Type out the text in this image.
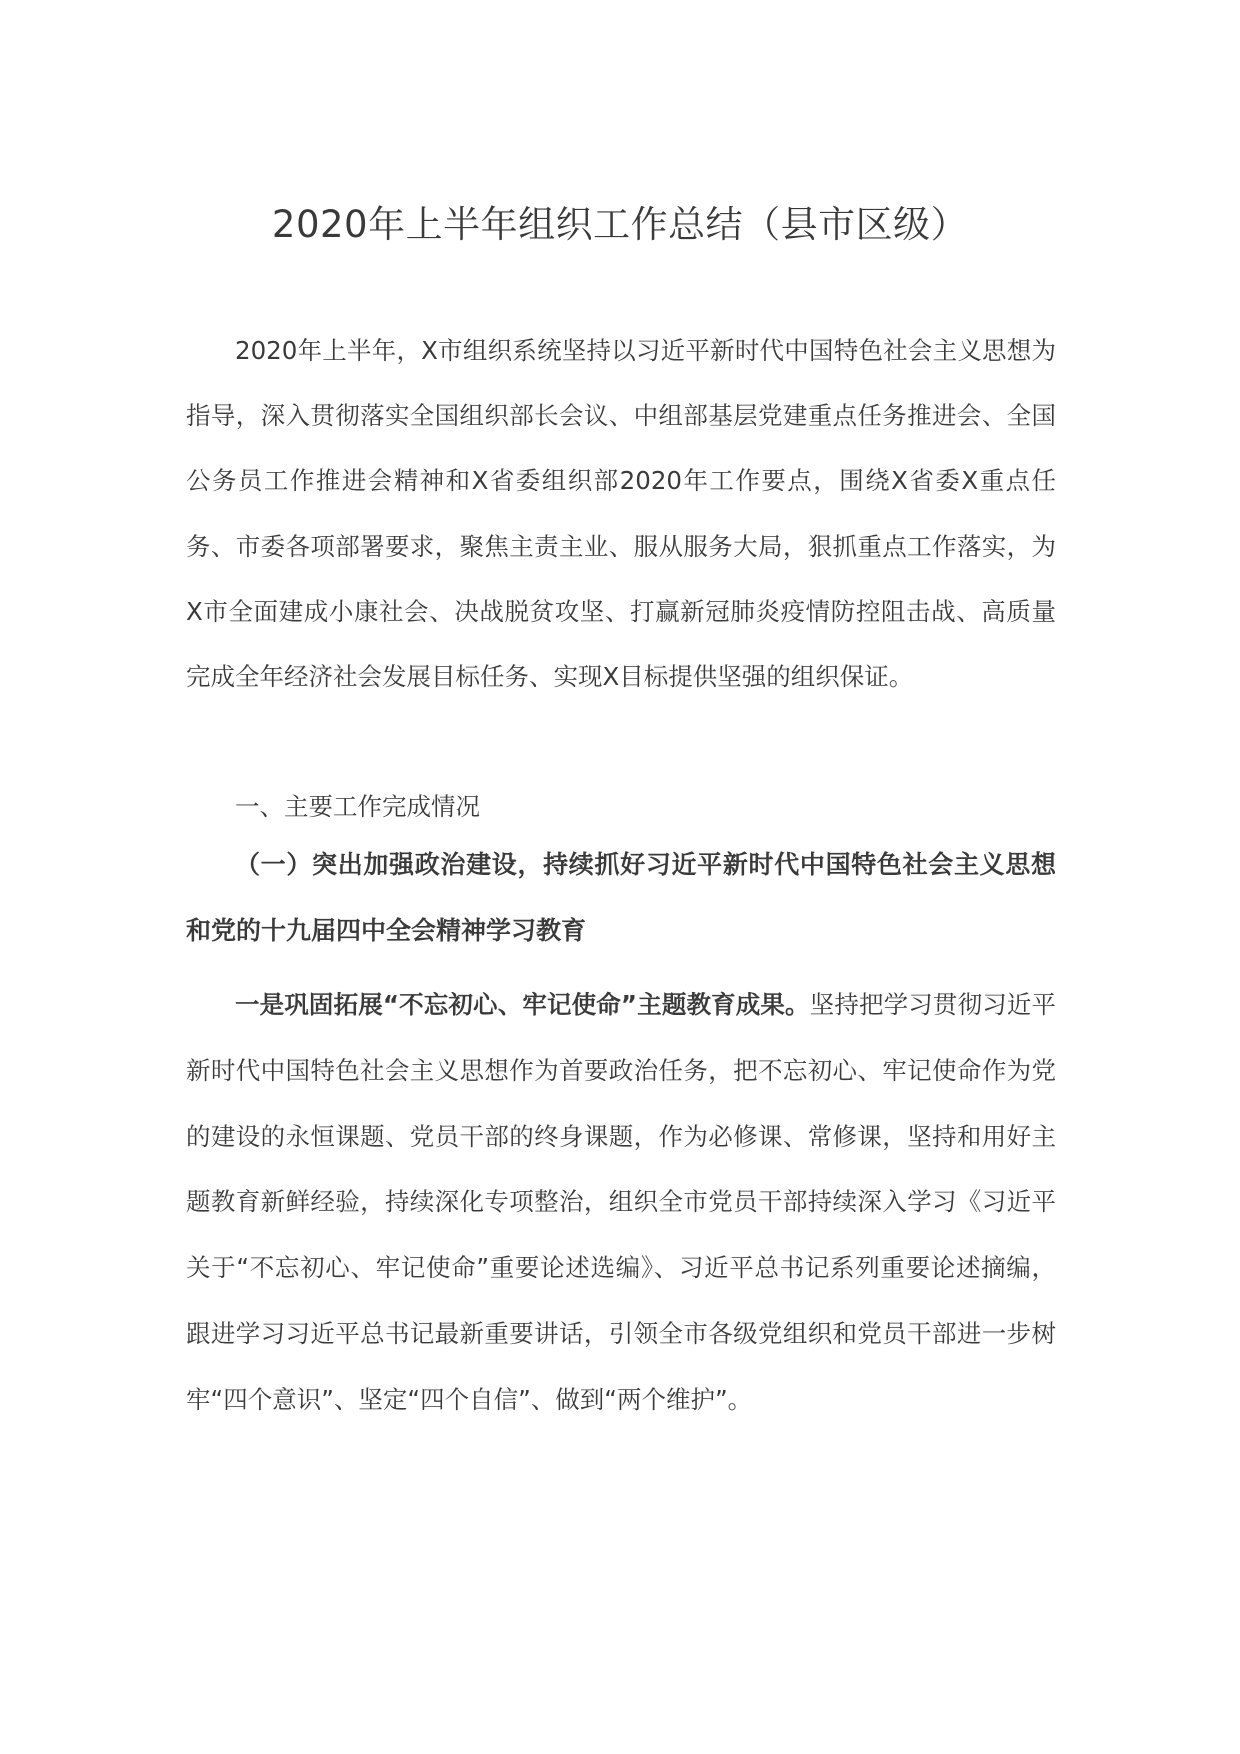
2020年上半年组织工作总结（县市区级）

2020年上半年，X市组织系统坚持以习近平新时代中国特色社会主义思想为指导，深入贯彻落实全国组织部长会议、中组部基层党建重点任务推进会、全国公务员工作推进会精神和X省委组织部2020年工作要点，围绕X省委X重点任务、市委各项部署要求，聚焦主责主业、服从服务大局，狠抓重点工作落实，为X市全面建成小康社会、决战脱贫攻坚、打赢新冠肺炎疫情防控阻击战、高质量完成全年经济社会发展目标任务、实现X目标提供坚强的组织保证。

一、主要工作完成情况

（一）突出加强政治建设，持续抓好习近平新时代中国特色社会主义思想和党的十九届四中全会精神学习教育

一是巩固拓展“不忘初心、牢记使命”主题教育成果。坚持把学习贯彻习近平新时代中国特色社会主义思想作为首要政治任务，把不忘初心、牢记使命作为党的建设的永恒课题、党员干部的终身课题，作为必修课、常修课，坚持和用好主题教育新鲜经验，持续深化专项整治，组织全市党员干部持续深入学习《习近平关于“不忘初心、牢记使命”重要论述选编》、习近平总书记系列重要论述摘编，跟进学习习近平总书记最新重要讲话，引领全市各级党组织和党员干部进一步树牢“四个意识”、坚定“四个自信”、做到“两个维护”。
